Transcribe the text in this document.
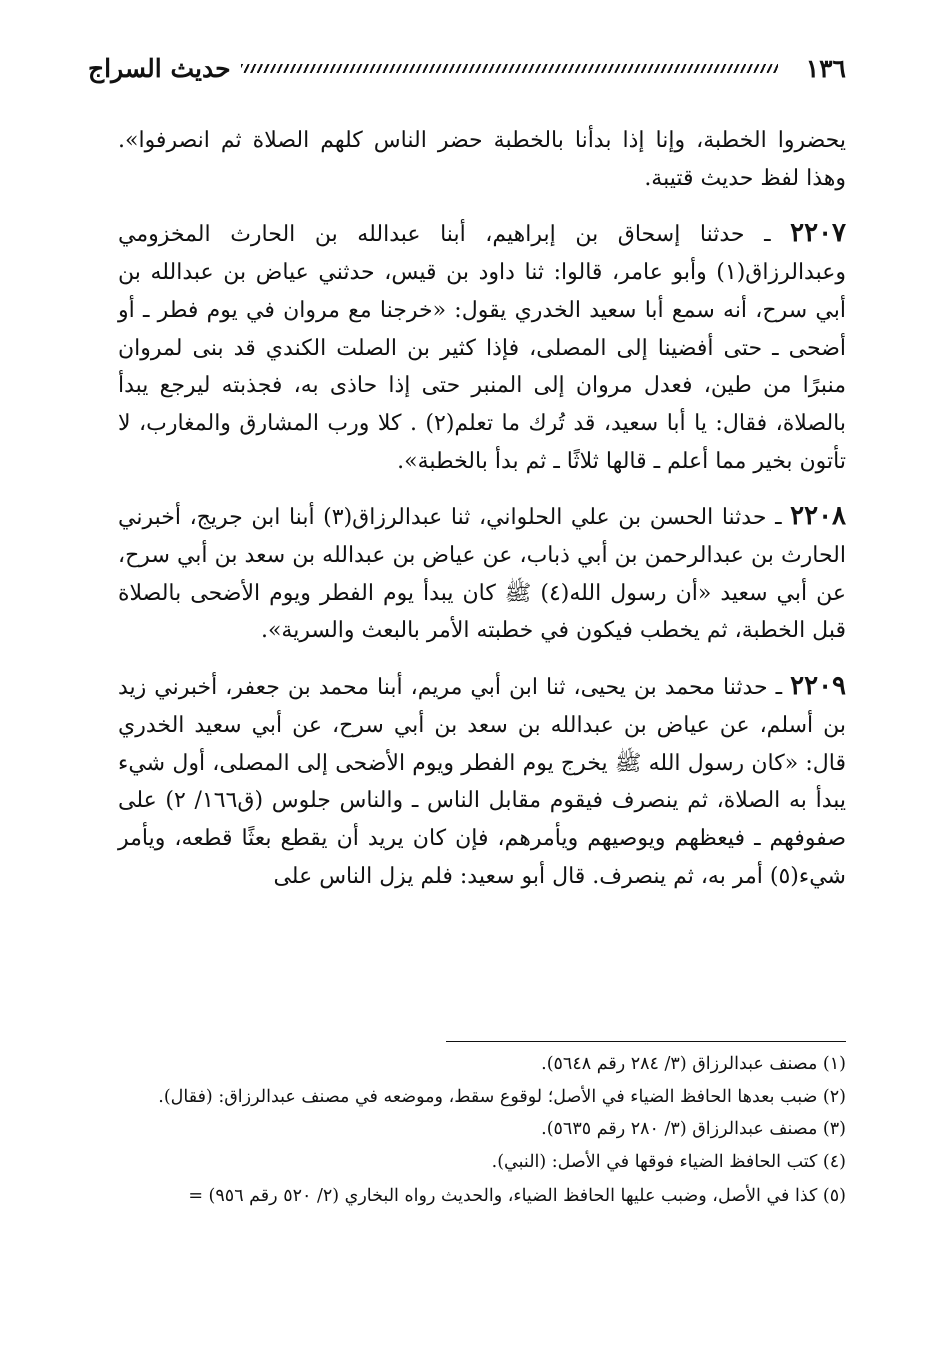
١٣٦
حديث السراج

يحضروا الخطبة، وإنا إذا بدأنا بالخطبة حضر الناس كلهم الصلاة ثم انصرفوا». وهذا لفظ حديث قتيبة.

٢٢٠٧ ـ حدثنا إسحاق بن إبراهيم، أبنا عبدالله بن الحارث المخزومي وعبدالرزاق(١) وأبو عامر، قالوا: ثنا داود بن قيس، حدثني عياض بن عبدالله بن أبي سرح، أنه سمع أبا سعيد الخدري يقول: «خرجنا مع مروان في يوم فطر ـ أو أضحى ـ حتى أفضينا إلى المصلى، فإذا كثير بن الصلت الكندي قد بنى لمروان منبرًا من طين، فعدل مروان إلى المنبر حتى إذا حاذى به، فجذبته ليرجع يبدأ بالصلاة، فقال: يا أبا سعيد، قد تُرك ما تعلم(٢) . كلا ورب المشارق والمغارب، لا تأتون بخير مما أعلم ـ قالها ثلاثًا ـ ثم بدأ بالخطبة».

٢٢٠٨ ـ حدثنا الحسن بن علي الحلواني، ثنا عبدالرزاق(٣) أبنا ابن جريج، أخبرني الحارث بن عبدالرحمن بن أبي ذباب، عن عياض بن عبدالله بن سعد بن أبي سرح، عن أبي سعيد «أن رسول الله(٤) ﷺ كان يبدأ يوم الفطر ويوم الأضحى بالصلاة قبل الخطبة، ثم يخطب فيكون في خطبته الأمر بالبعث والسرية».

٢٢٠٩ ـ حدثنا محمد بن يحيى، ثنا ابن أبي مريم، أبنا محمد بن جعفر، أخبرني زيد بن أسلم، عن عياض بن عبدالله بن سعد بن أبي سرح، عن أبي سعيد الخدري قال: «كان رسول الله ﷺ يخرج يوم الفطر ويوم الأضحى إلى المصلى، أول شيء يبدأ به الصلاة، ثم ينصرف فيقوم مقابل الناس ـ والناس جلوس (ق١٦٦/ ٢) على صفوفهم ـ فيعظهم ويوصيهم ويأمرهم، فإن كان يريد أن يقطع بعثًا قطعه، ويأمر شيء(٥) أمر به، ثم ينصرف. قال أبو سعيد: فلم يزل الناس على

(١) مصنف عبدالرزاق (٣/ ٢٨٤ رقم ٥٦٤٨).

(٢) ضبب بعدها الحافظ الضياء في الأصل؛ لوقوع سقط، وموضعه في مصنف عبدالرزاق: (فقال).

(٣) مصنف عبدالرزاق (٣/ ٢٨٠ رقم ٥٦٣٥).

(٤) كتب الحافظ الضياء فوقها في الأصل: (النبي).

(٥) كذا في الأصل، وضبب عليها الحافظ الضياء، والحديث رواه البخاري (٢/ ٥٢٠ رقم ٩٥٦) =
